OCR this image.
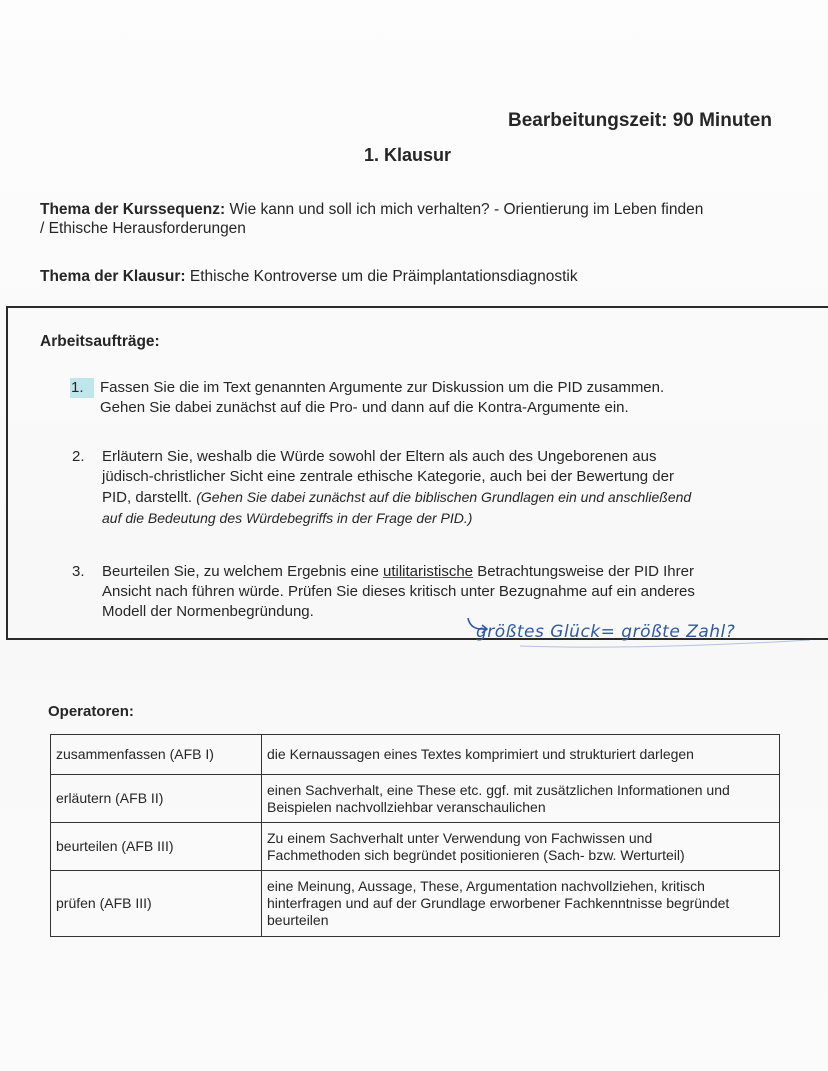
Bearbeitungszeit: 90 Minuten
1. Klausur
Thema der Kurssequenz: Wie kann und soll ich mich verhalten? - Orientierung im Leben finden
/ Ethische Herausforderungen
Thema der Klausur: Ethische Kontroverse um die Präimplantationsdiagnostik
Arbeitsaufträge:
1.	Fassen Sie die im Text genannten Argumente zur Diskussion um die PID zusammen.
Gehen Sie dabei zunächst auf die Pro- und dann auf die Kontra-Argumente ein.
2.	Erläutern Sie, weshalb die Würde sowohl der Eltern als auch des Ungeborenen aus
jüdisch-christlicher Sicht eine zentrale ethische Kategorie, auch bei der Bewertung der
PID, darstellt. (Gehen Sie dabei zunächst auf die biblischen Grundlagen ein und anschließend
auf die Bedeutung des Würdebegriffs in der Frage der PID.)
3.	Beurteilen Sie, zu welchem Ergebnis eine utilitaristische Betrachtungsweise der PID Ihrer
Ansicht nach führen würde. Prüfen Sie dieses kritisch unter Bezugnahme auf ein anderes
Modell der Normenbegründung.
größtes Glück= größte Zahl?
Operatoren:
zusammenfassen (AFB I)	die Kernaussagen eines Textes komprimiert und strukturiert darlegen

erläutern (AFB II)	einen Sachverhalt, eine These etc. ggf. mit zusätzlichen Informationen und
Beispielen nachvollziehbar veranschaulichen

beurteilen (AFB III)	Zu einem Sachverhalt unter Verwendung von Fachwissen und
Fachmethoden sich begründet positionieren (Sach- bzw. Werturteil)

prüfen (AFB III)	eine Meinung, Aussage, These, Argumentation nachvollziehen, kritisch
hinterfragen und auf der Grundlage erworbener Fachkenntnisse begründet
beurteilen
